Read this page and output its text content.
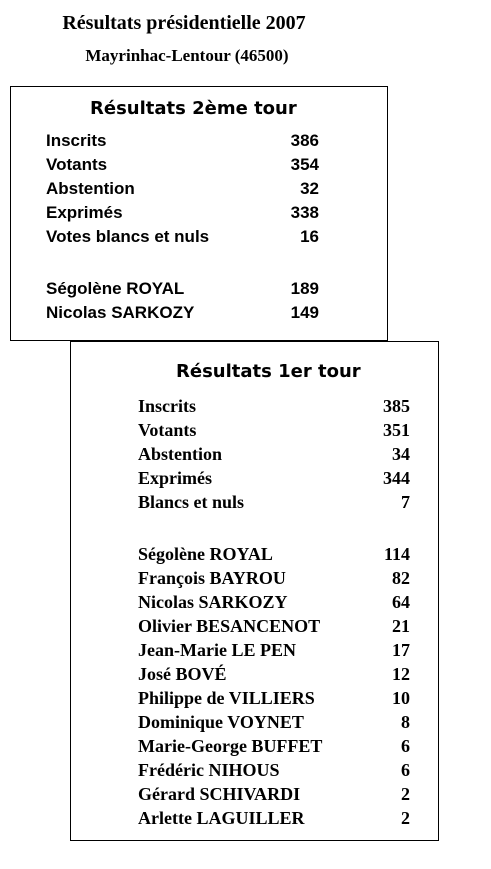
Résultats présidentielle 2007
Mayrinhac-Lentour (46500)
Résultats 2ème tour
Inscrits	386
Votants	354
Abstention	32
Exprimés	338
Votes blancs et nuls	16
Ségolène ROYAL	189
Nicolas SARKOZY	149
Résultats 1er tour
Inscrits	385
Votants	351
Abstention	34
Exprimés	344
Blancs et nuls	7
Ségolène ROYAL	114
François BAYROU	82
Nicolas SARKOZY	64
Olivier BESANCENOT	21
Jean-Marie LE PEN	17
José BOVÉ	12
Philippe de VILLIERS	10
Dominique VOYNET	8
Marie-George BUFFET	6
Frédéric NIHOUS	6
Gérard SCHIVARDI	2
Arlette LAGUILLER	2
